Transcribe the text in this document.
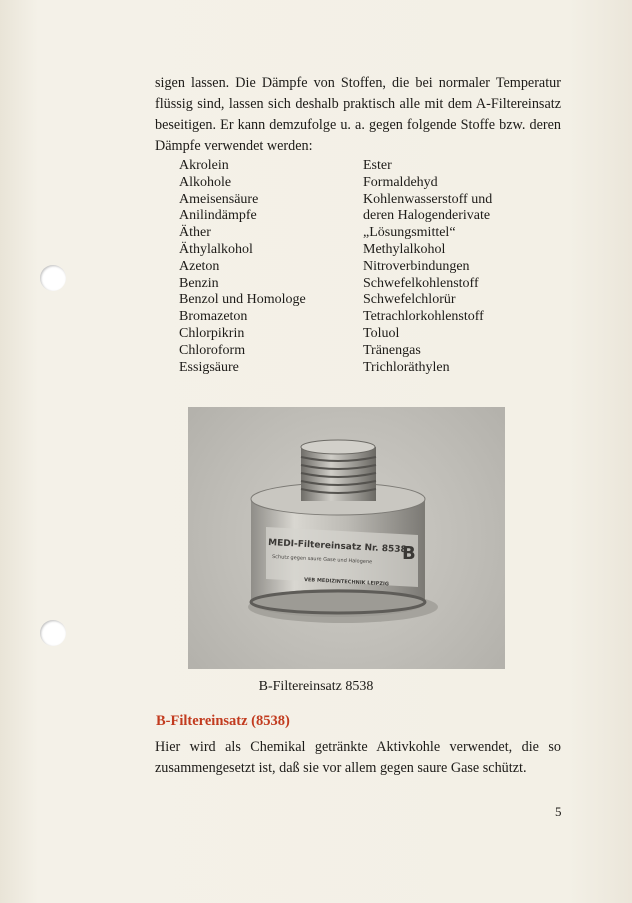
sigen lassen. Die Dämpfe von Stoffen, die bei normaler Temperatur flüssig sind, lassen sich deshalb praktisch alle mit dem A-Filtereinsatz beseitigen. Er kann demzufolge u. a. gegen folgende Stoffe bzw. deren Dämpfe verwendet werden:

Akrolein
Alkohole
Ameisensäure
Anilindämpfe
Äther
Äthylalkohol
Azeton
Benzin
Benzol und Homologe
Bromazeton
Chlorpikrin
Chloroform
Essigsäure
Ester
Formaldehyd
Kohlenwasserstoff und
deren Halogenderivate
„Lösungsmittel“
Methylalkohol
Nitroverbindungen
Schwefelkohlenstoff
Schwefelchlorür
Tetrachlorkohlenstoff
Toluol
Tränengas
Trichloräthylen
MEDI-Filtereinsatz Nr. 8538
B
Schutz gegen saure Gase und Halogene
VEB MEDIZINTECHNIK LEIPZIG
B-Filtereinsatz 8538
B-Filtereinsatz (8538)

Hier wird als Chemikal getränkte Aktivkohle verwendet, die so zusammengesetzt ist, daß sie vor allem gegen saure Gase schützt.

5
